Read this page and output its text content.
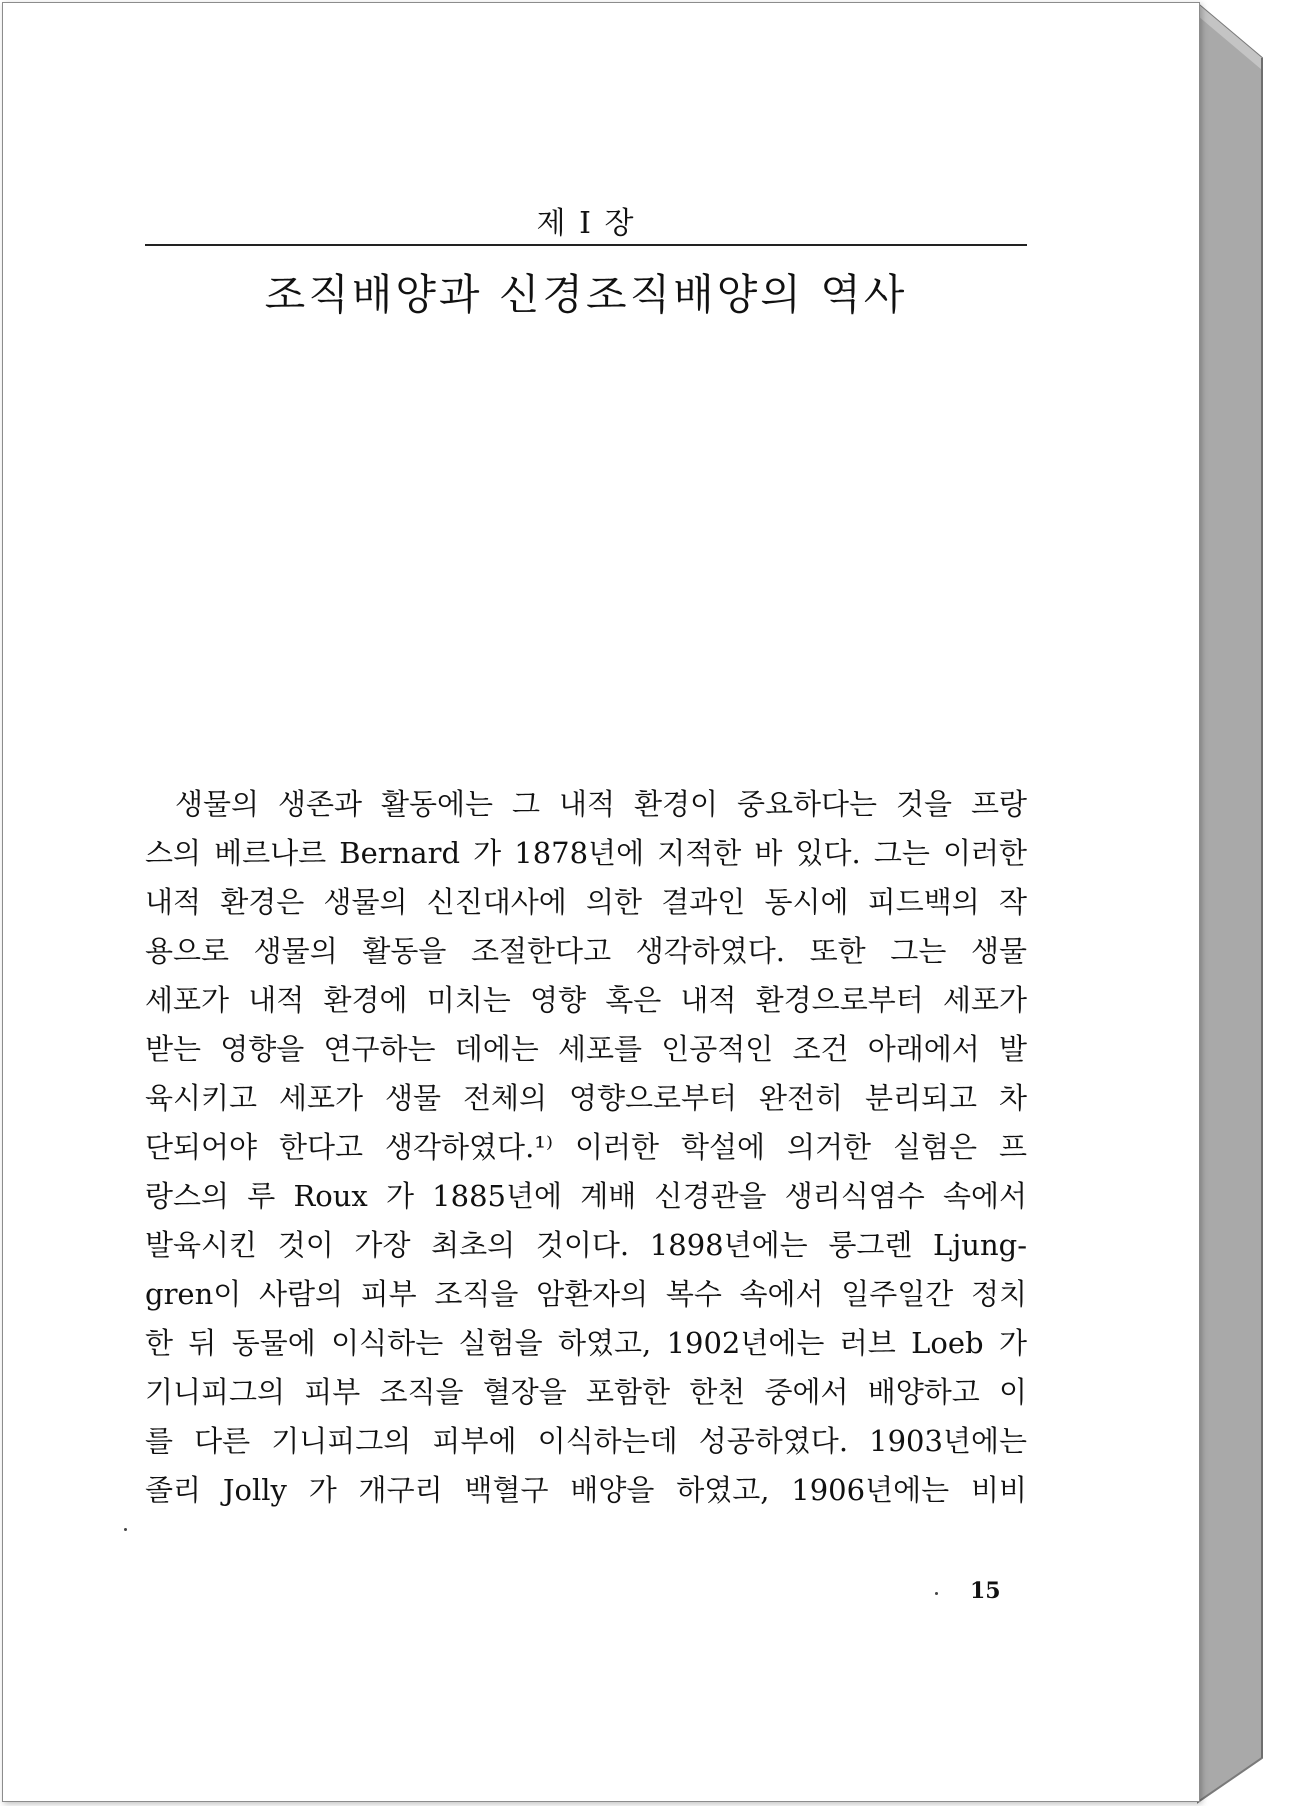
제 I 장
조직배양과 신경조직배양의 역사
생물의 생존과 활동에는 그 내적 환경이 중요하다는 것을 프랑
스의 베르나르 Bernard 가 1878년에 지적한 바 있다. 그는 이러한
내적 환경은 생물의 신진대사에 의한 결과인 동시에 피드백의 작
용으로 생물의 활동을 조절한다고 생각하였다. 또한 그는 생물
세포가 내적 환경에 미치는 영향 혹은 내적 환경으로부터 세포가
받는 영향을 연구하는 데에는 세포를 인공적인 조건 아래에서 발
육시키고 세포가 생물 전체의 영향으로부터 완전히 분리되고 차
단되어야 한다고 생각하였다.¹⁾ 이러한 학설에 의거한 실험은 프
랑스의 루 Roux 가 1885년에 계배 신경관을 생리식염수 속에서
발육시킨 것이 가장 최초의 것이다. 1898년에는 룽그렌 Ljung-
gren이 사람의 피부 조직을 암환자의 복수 속에서 일주일간 정치
한 뒤 동물에 이식하는 실험을 하였고, 1902년에는 러브 Loeb 가
기니피그의 피부 조직을 혈장을 포함한 한천 중에서 배양하고 이
를 다른 기니피그의 피부에 이식하는데 성공하였다. 1903년에는
졸리 Jolly 가 개구리 백혈구 배양을 하였고, 1906년에는 비비
15
